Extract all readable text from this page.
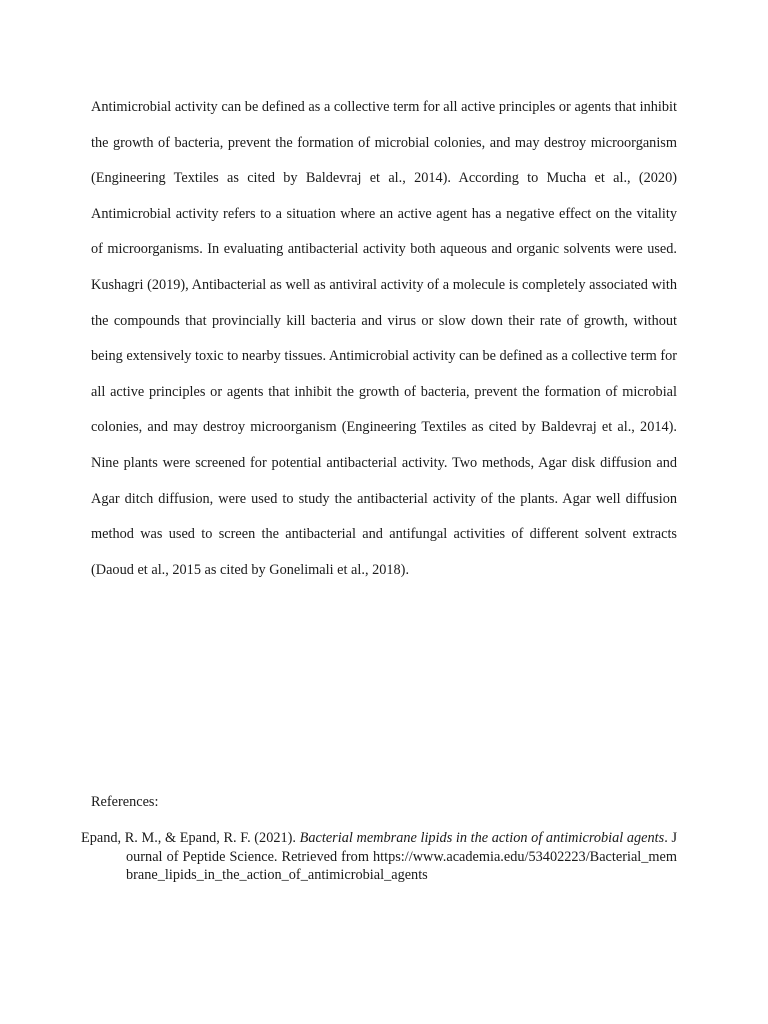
Antimicrobial activity can be defined as a collective term for all active principles or agents that inhibit the growth of bacteria, prevent the formation of microbial colonies, and may destroy microorganism (Engineering Textiles as cited by Baldevraj et al., 2014). According to Mucha et al., (2020) Antimicrobial activity refers to a situation where an active agent has a negative effect on the vitality of microorganisms. In evaluating antibacterial activity both aqueous and organic solvents were used. Kushagri (2019), Antibacterial as well as antiviral activity of a molecule is completely associated with the compounds that provincially kill bacteria and virus or slow down their rate of growth, without being extensively toxic to nearby tissues. Antimicrobial activity can be defined as a collective term for all active principles or agents that inhibit the growth of bacteria, prevent the formation of microbial colonies, and may destroy microorganism (Engineering Textiles as cited by Baldevraj et al., 2014). Nine plants were screened for potential antibacterial activity. Two methods, Agar disk diffusion and Agar ditch diffusion, were used to study the antibacterial activity of the plants. Agar well diffusion method was used to screen the antibacterial and antifungal activities of different solvent extracts (Daoud et al., 2015 as cited by Gonelimali et al., 2018).

References:

Epand, R. M., & Epand, R. F. (2021). Bacterial membrane lipids in the action of antimicrobial agents. Journal of Peptide Science. Retrieved from https://www.academia.edu/53402223/Bacterial_membrane_lipids_in_the_action_of_antimicrobial_agents
